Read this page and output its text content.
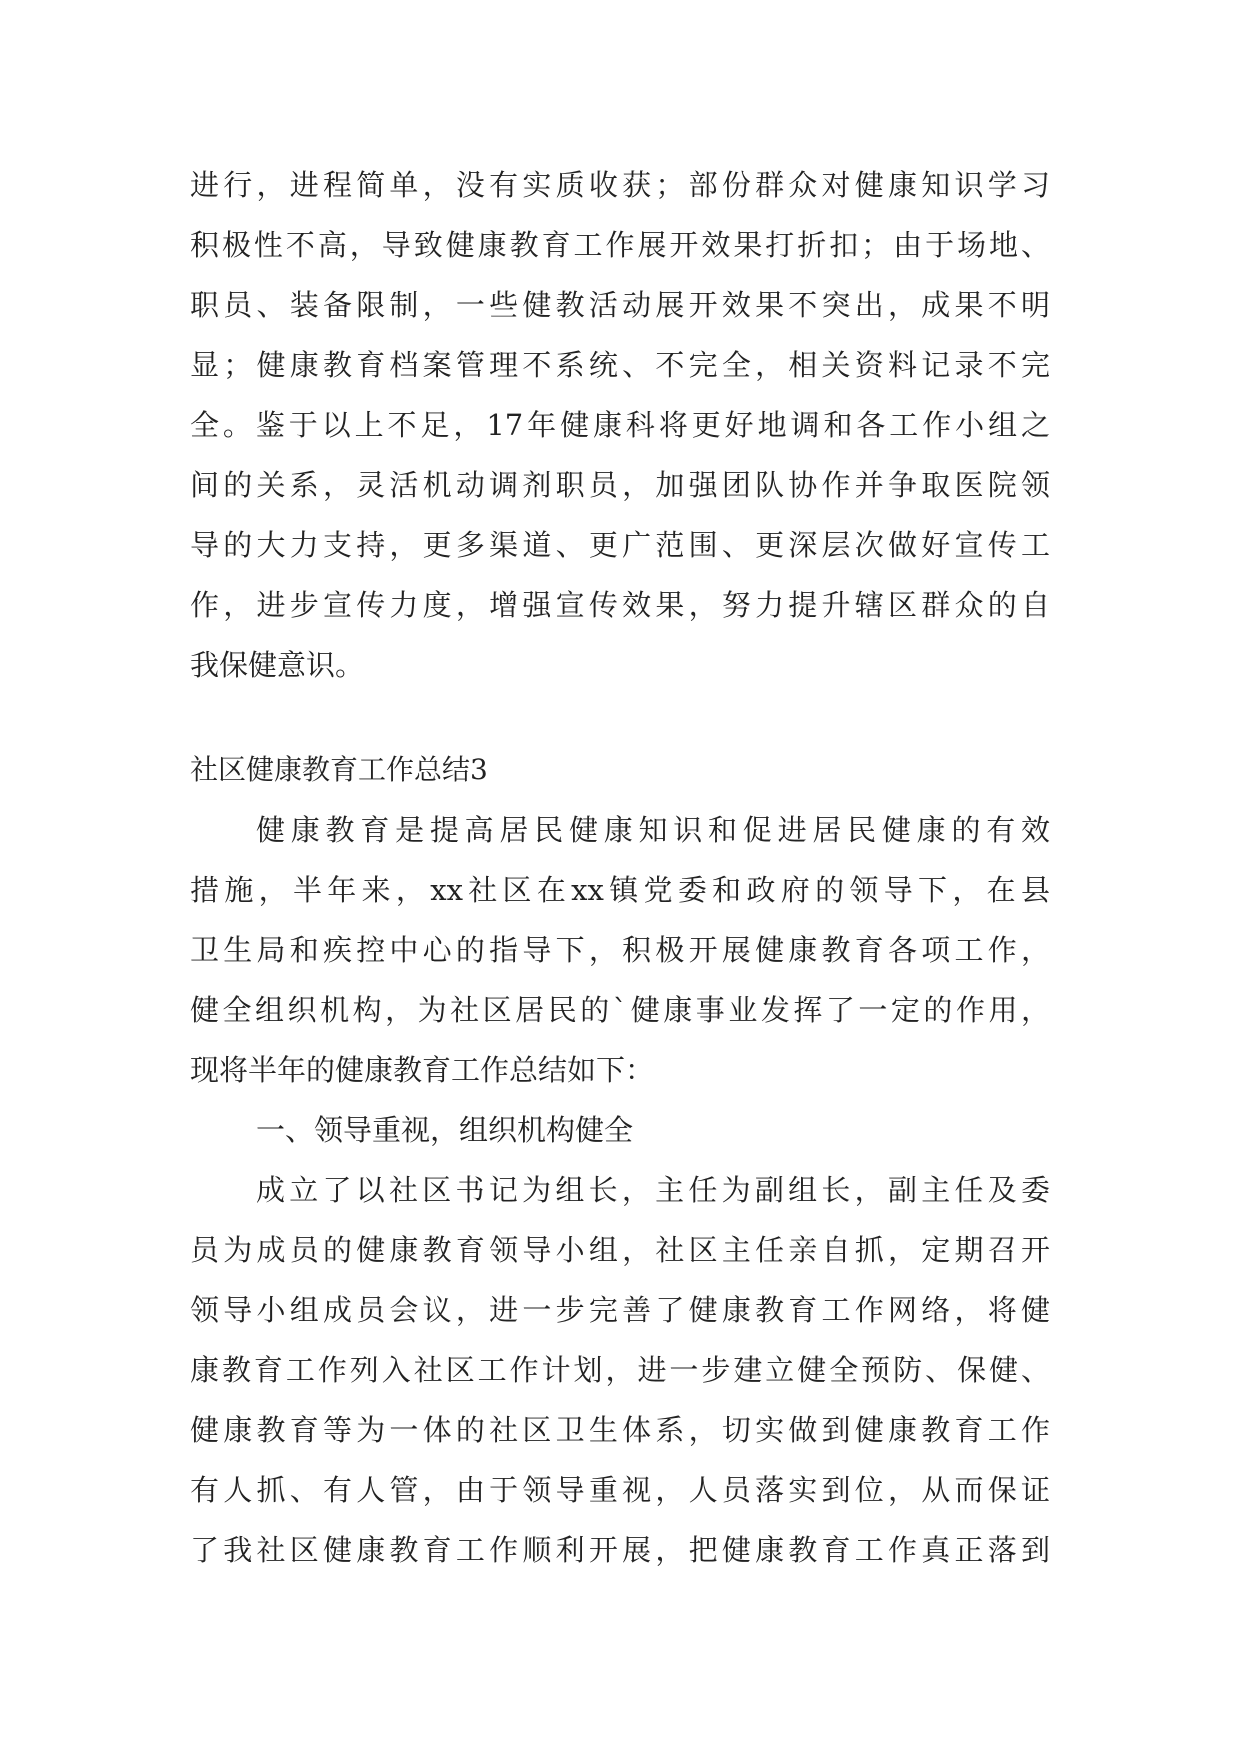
进行，进程简单，没有实质收获；部份群众对健康知识学习
积极性不高，导致健康教育工作展开效果打折扣；由于场地、
职员、装备限制，一些健教活动展开效果不突出，成果不明
显；健康教育档案管理不系统、不完全，相关资料记录不完
全。鉴于以上不足，17年健康科将更好地调和各工作小组之
间的关系，灵活机动调剂职员，加强团队协作并争取医院领
导的大力支持，更多渠道、更广范围、更深层次做好宣传工
作，进步宣传力度，增强宣传效果，努力提升辖区群众的自
我保健意识。
社区健康教育工作总结3
健康教育是提高居民健康知识和促进居民健康的有效
措施，半年来，xx社区在xx镇党委和政府的领导下，在县
卫生局和疾控中心的指导下，积极开展健康教育各项工作，
健全组织机构，为社区居民的`健康事业发挥了一定的作用，
现将半年的健康教育工作总结如下：
一、领导重视，组织机构健全
成立了以社区书记为组长，主任为副组长，副主任及委
员为成员的健康教育领导小组，社区主任亲自抓，定期召开
领导小组成员会议，进一步完善了健康教育工作网络，将健
康教育工作列入社区工作计划，进一步建立健全预防、保健、
健康教育等为一体的社区卫生体系，切实做到健康教育工作
有人抓、有人管，由于领导重视，人员落实到位，从而保证
了我社区健康教育工作顺利开展，把健康教育工作真正落到
